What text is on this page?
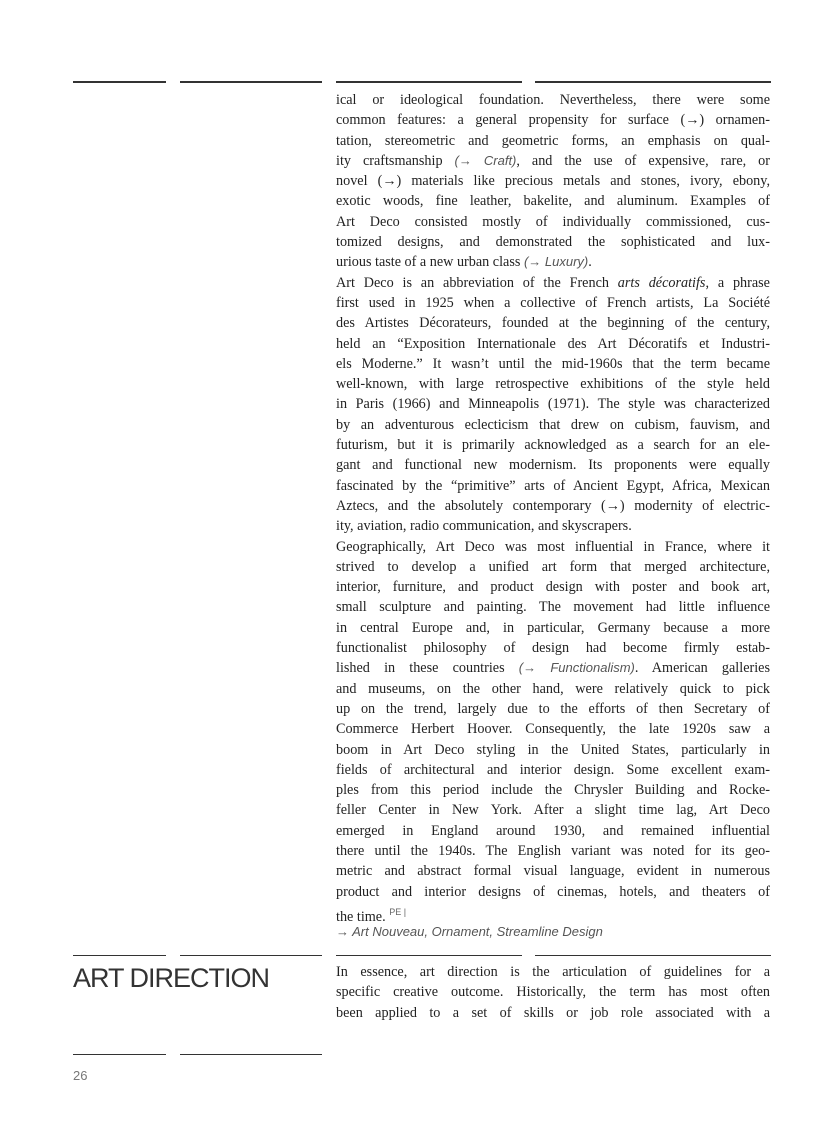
ical or ideological foundation. Nevertheless, there were some
common features: a general propensity for surface (→) ornamen-
tation, stereometric and geometric forms, an emphasis on qual-
ity craftsmanship (→ Craft), and the use of expensive, rare, or
novel (→) materials like precious metals and stones, ivory, ebony,
exotic woods, fine leather, bakelite, and aluminum. Examples of
Art Deco consisted mostly of individually commissioned, cus-
tomized designs, and demonstrated the sophisticated and lux-
urious taste of a new urban class (→ Luxury).
Art Deco is an abbreviation of the French arts décoratifs, a phrase
first used in 1925 when a collective of French artists, La Société
des Artistes Décorateurs, founded at the beginning of the century,
held an “Exposition Internationale des Art Décoratifs et Industri-
els Moderne.” It wasn’t until the mid-1960s that the term became
well-known, with large retrospective exhibitions of the style held
in Paris (1966) and Minneapolis (1971). The style was characterized
by an adventurous eclecticism that drew on cubism, fauvism, and
futurism, but it is primarily acknowledged as a search for an ele-
gant and functional new modernism. Its proponents were equally
fascinated by the “primitive” arts of Ancient Egypt, Africa, Mexican
Aztecs, and the absolutely contemporary (→) modernity of electric-
ity, aviation, radio communication, and skyscrapers.
Geographically, Art Deco was most influential in France, where it
strived to develop a unified art form that merged architecture,
interior, furniture, and product design with poster and book art,
small sculpture and painting. The movement had little influence
in central Europe and, in particular, Germany because a more
functionalist philosophy of design had become firmly estab-
lished in these countries (→ Functionalism). American galleries
and museums, on the other hand, were relatively quick to pick
up on the trend, largely due to the efforts of then Secretary of
Commerce Herbert Hoover. Consequently, the late 1920s saw a
boom in Art Deco styling in the United States, particularly in
fields of architectural and interior design. Some excellent exam-
ples from this period include the Chrysler Building and Rocke-
feller Center in New York. After a slight time lag, Art Deco
emerged in England around 1930, and remained influential
there until the 1940s. The English variant was noted for its geo-
metric and abstract formal visual language, evident in numerous
product and interior designs of cinemas, hotels, and theaters of
the time. $^{PE |}$
→ Art Nouveau, Ornament, Streamline Design
ART DIRECTION	In essence, art direction is the articulation of guidelines for a
specific creative outcome. Historically, the term has most often
been applied to a set of skills or job role associated with a
26
